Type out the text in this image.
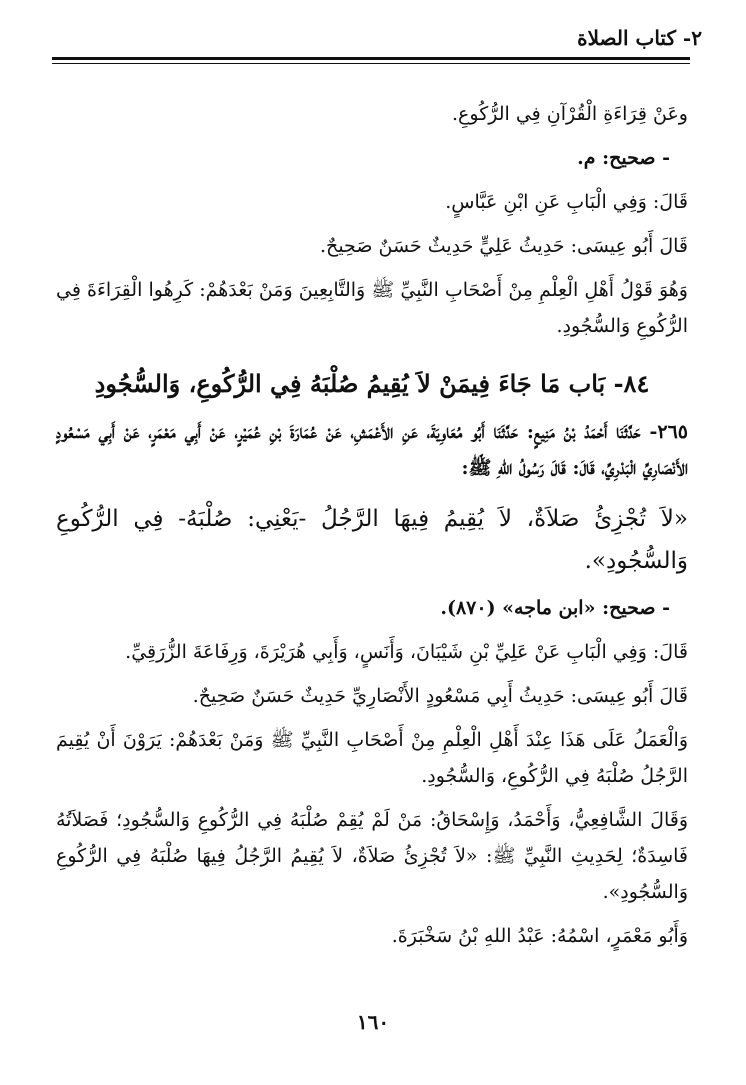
٢- كتاب الصلاة

وعَنْ قِرَاءَةِ الْقُرْآنِ فِي الرُّكُوعِ.

- صحيح: م.

قَالَ: وَفِي الْبَابِ عَنِ ابْنِ عَبَّاسٍ.

قَالَ أَبُو عِيسَى: حَدِيثُ عَلِيٍّ حَدِيثٌ حَسَنٌ صَحِيحٌ.

وَهُوَ قَوْلُ أَهْلِ الْعِلْمِ مِنْ أَصْحَابِ النَّبِيِّ ﷺ وَالتَّابِعِينَ وَمَنْ بَعْدَهُمْ: كَرِهُوا الْقِرَاءَةَ فِي الرُّكُوعِ وَالسُّجُودِ.

٨٤- بَاب مَا جَاءَ فِيمَنْ لاَ يُقِيمُ صُلْبَهُ فِي الرُّكُوعِ، وَالسُّجُودِ

٢٦٥- حَدَّثَنَا أَحْمَدُ بْنُ مَنِيعٍ: حَدَّثَنَا أَبُو مُعَاوِيَةَ، عَنِ الأَعْمَشِ، عَنْ عُمَارَةَ بْنِ عُمَيْرٍ، عَنْ أَبِي مَعْمَرٍ، عَنْ أَبِي مَسْعُودٍ الأَنْصَارِيِّ الْبَدْرِيِّ، قَالَ: قَالَ رَسُولُ اللهِ ﷺ:

«لاَ تُجْزِئُ صَلاَةٌ، لاَ يُقِيمُ فِيهَا الرَّجُلُ -يَعْنِي: صُلْبَهُ- فِي الرُّكُوعِ وَالسُّجُودِ».

- صحيح: «ابن ماجه» (٨٧٠).

قَالَ: وَفِي الْبَابِ عَنْ عَلِيِّ بْنِ شَيْبَانَ، وَأَنَسٍ، وَأَبِي هُرَيْرَةَ، وَرِفَاعَةَ الزُّرَقِيِّ.

قَالَ أَبُو عِيسَى: حَدِيثُ أَبِي مَسْعُودٍ الأَنْصَارِيِّ حَدِيثٌ حَسَنٌ صَحِيحٌ.

وَالْعَمَلُ عَلَى هَذَا عِنْدَ أَهْلِ الْعِلْمِ مِنْ أَصْحَابِ النَّبِيِّ ﷺ وَمَنْ بَعْدَهُمْ: يَرَوْنَ أَنْ يُقِيمَ الرَّجُلُ صُلْبَهُ فِي الرُّكُوعِ، وَالسُّجُودِ.

وَقَالَ الشَّافِعِيُّ، وَأَحْمَدُ، وَإِسْحَاقُ: مَنْ لَمْ يُقِمْ صُلْبَهُ فِي الرُّكُوعِ وَالسُّجُودِ؛ فَصَلاَتُهُ فَاسِدَةٌ؛ لِحَدِيثِ النَّبِيِّ ﷺ: «لاَ تُجْزِئُ صَلاَةٌ، لاَ يُقِيمُ الرَّجُلُ فِيهَا صُلْبَهُ فِي الرُّكُوعِ وَالسُّجُودِ».

وَأَبُو مَعْمَرٍ، اسْمُهُ: عَبْدُ اللهِ بْنُ سَخْبَرَةَ.

١٦٠
